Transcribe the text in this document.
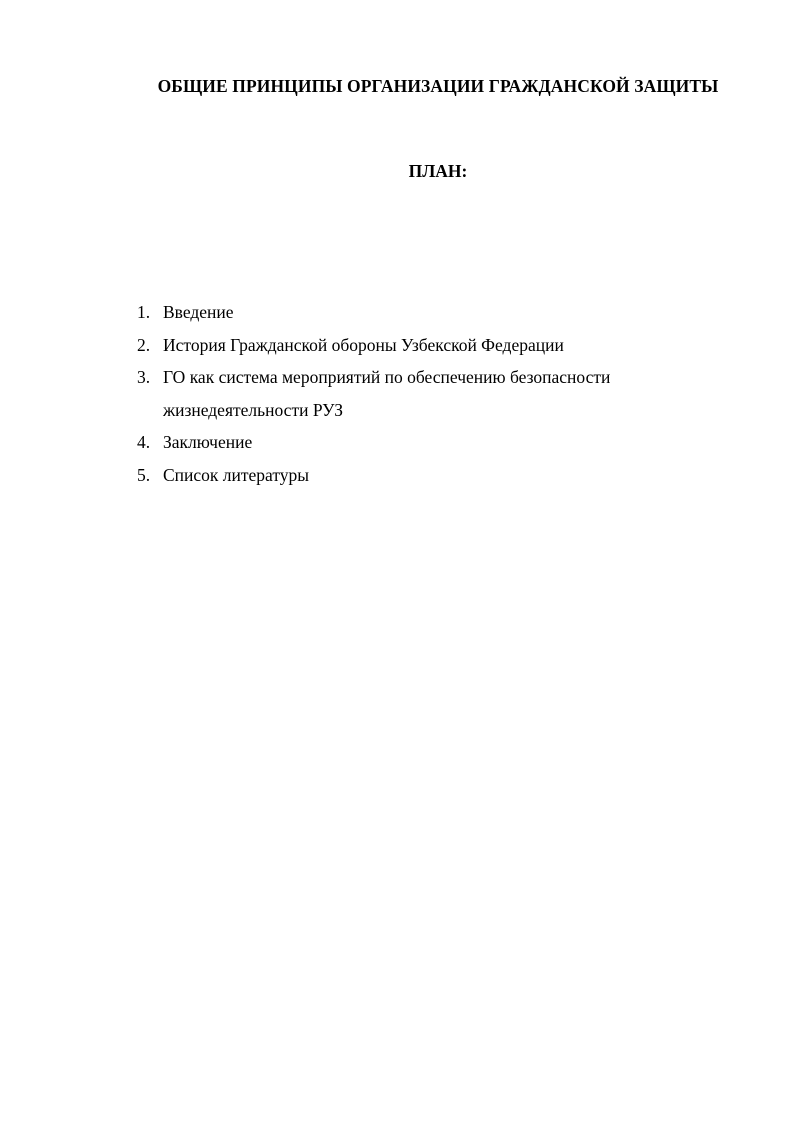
ОБЩИЕ ПРИНЦИПЫ ОРГАНИЗАЦИИ ГРАЖДАНСКОЙ ЗАЩИТЫ
ПЛАН:
1. Введение
2. История Гражданской обороны Узбекской Федерации
3. ГО как система мероприятий по обеспечению безопасности жизнедеятельности РУЗ
4. Заключение
5. Список литературы
